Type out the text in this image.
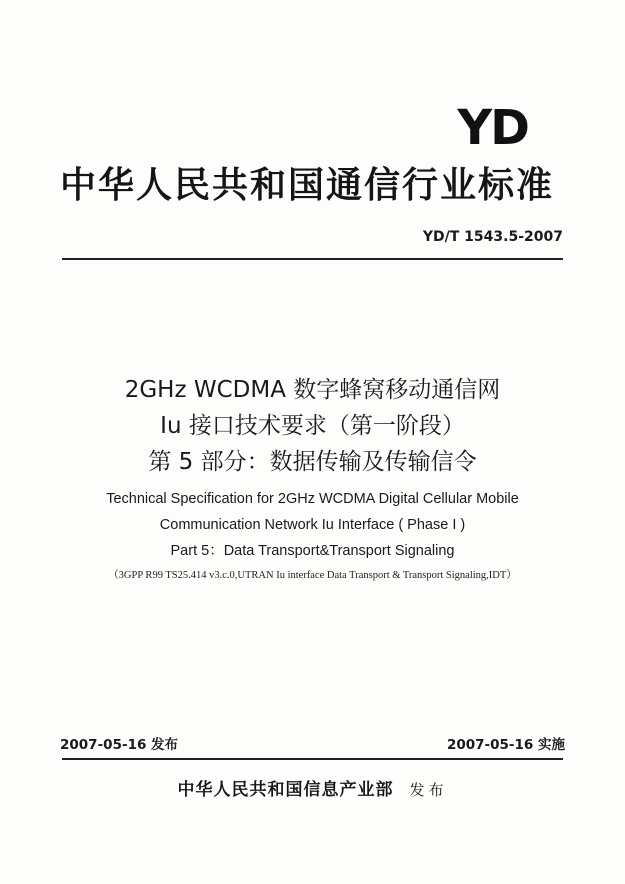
YD
中华人民共和国通信行业标准
YD/T 1543.5-2007
2GHz WCDMA 数字蜂窝移动通信网
Iu 接口技术要求（第一阶段）
第 5 部分：数据传输及传输信令
Technical Specification for 2GHz WCDMA Digital Cellular Mobile
Communication Network Iu Interface ( Phase I )
Part 5：Data Transport&Transport Signaling
（3GPP R99 TS25.414 v3.c.0,UTRAN Iu interface Data Transport & Transport Signaling,IDT）
2007-05-16 发布	2007-05-16 实施
中华人民共和国信息产业部 发布
